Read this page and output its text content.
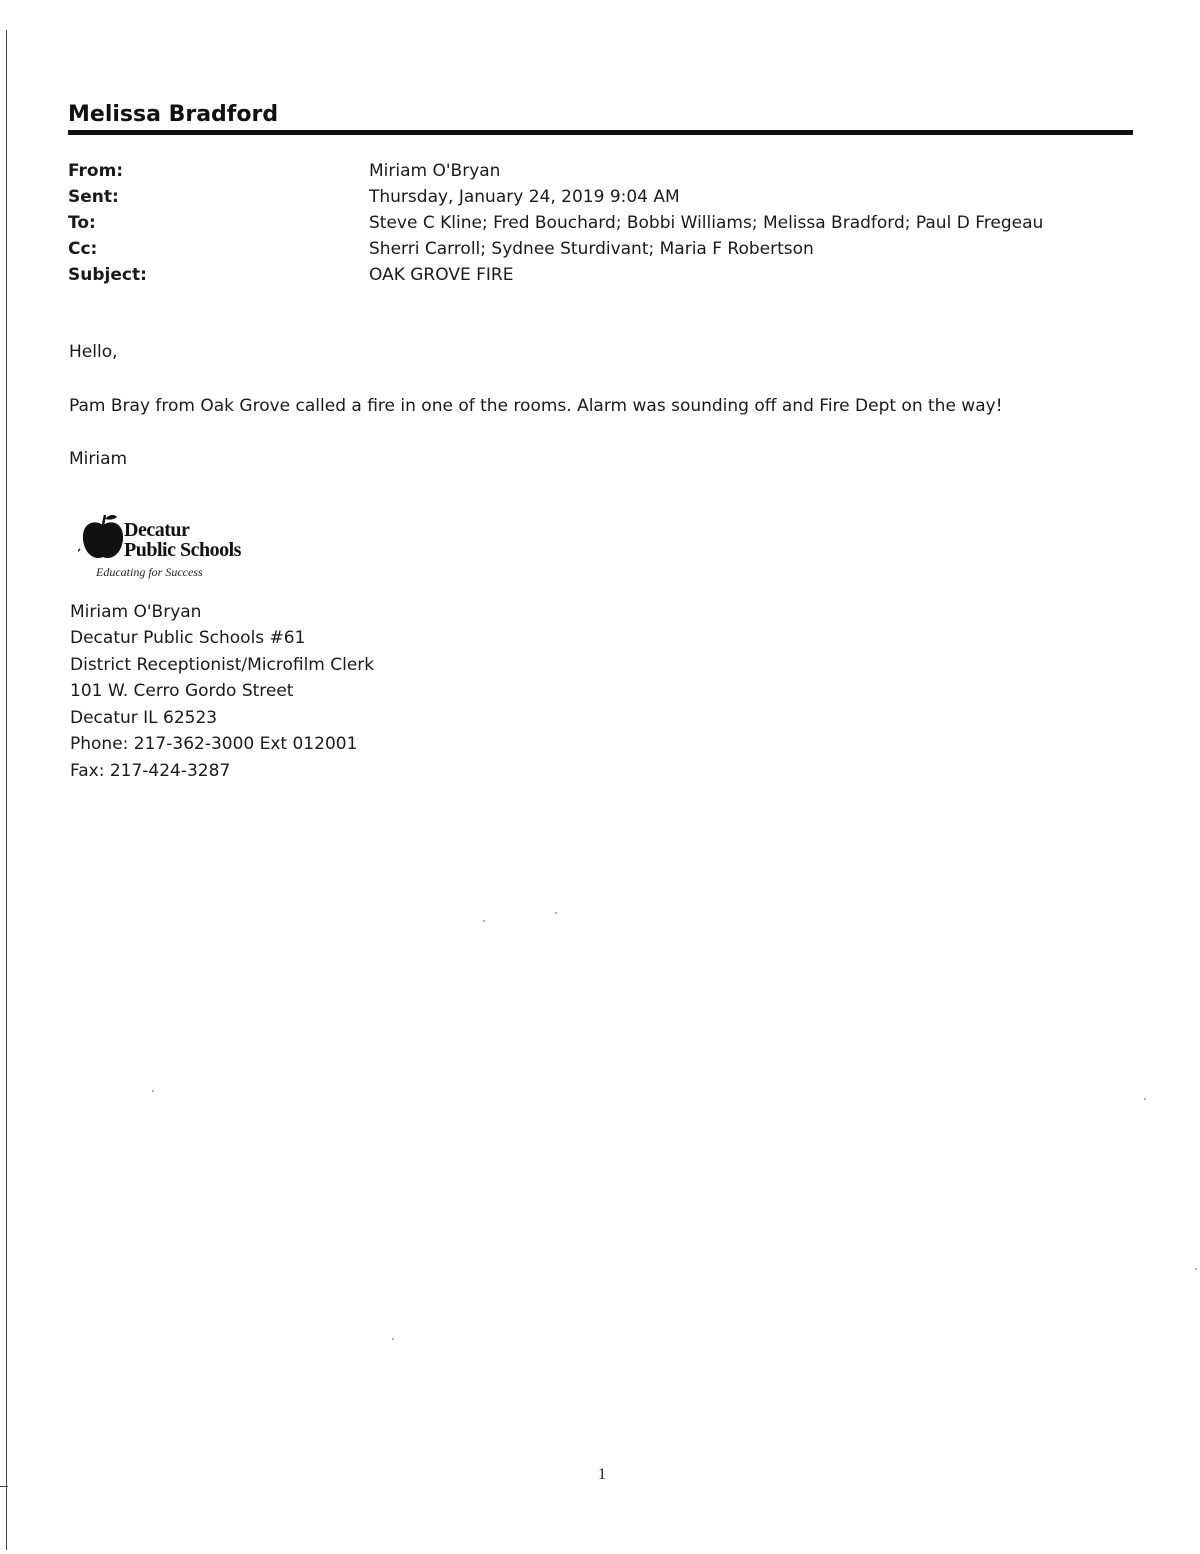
Melissa Bradford
From:	Miriam O'Bryan
Sent:	Thursday, January 24, 2019 9:04 AM
To:	Steve C Kline; Fred Bouchard; Bobbi Williams; Melissa Bradford; Paul D Fregeau
Cc:	Sherri Carroll; Sydnee Sturdivant; Maria F Robertson
Subject:	OAK GROVE FIRE
Hello,
Pam Bray from Oak Grove called a fire in one of the rooms. Alarm was sounding off and Fire Dept on the way!
Miriam
Decatur
Public Schools
Educating for Success
Miriam O'Bryan
Decatur Public Schools #61
District Receptionist/Microfilm Clerk
101 W. Cerro Gordo Street
Decatur IL 62523
Phone: 217-362-3000 Ext 012001
Fax: 217-424-3287
1
